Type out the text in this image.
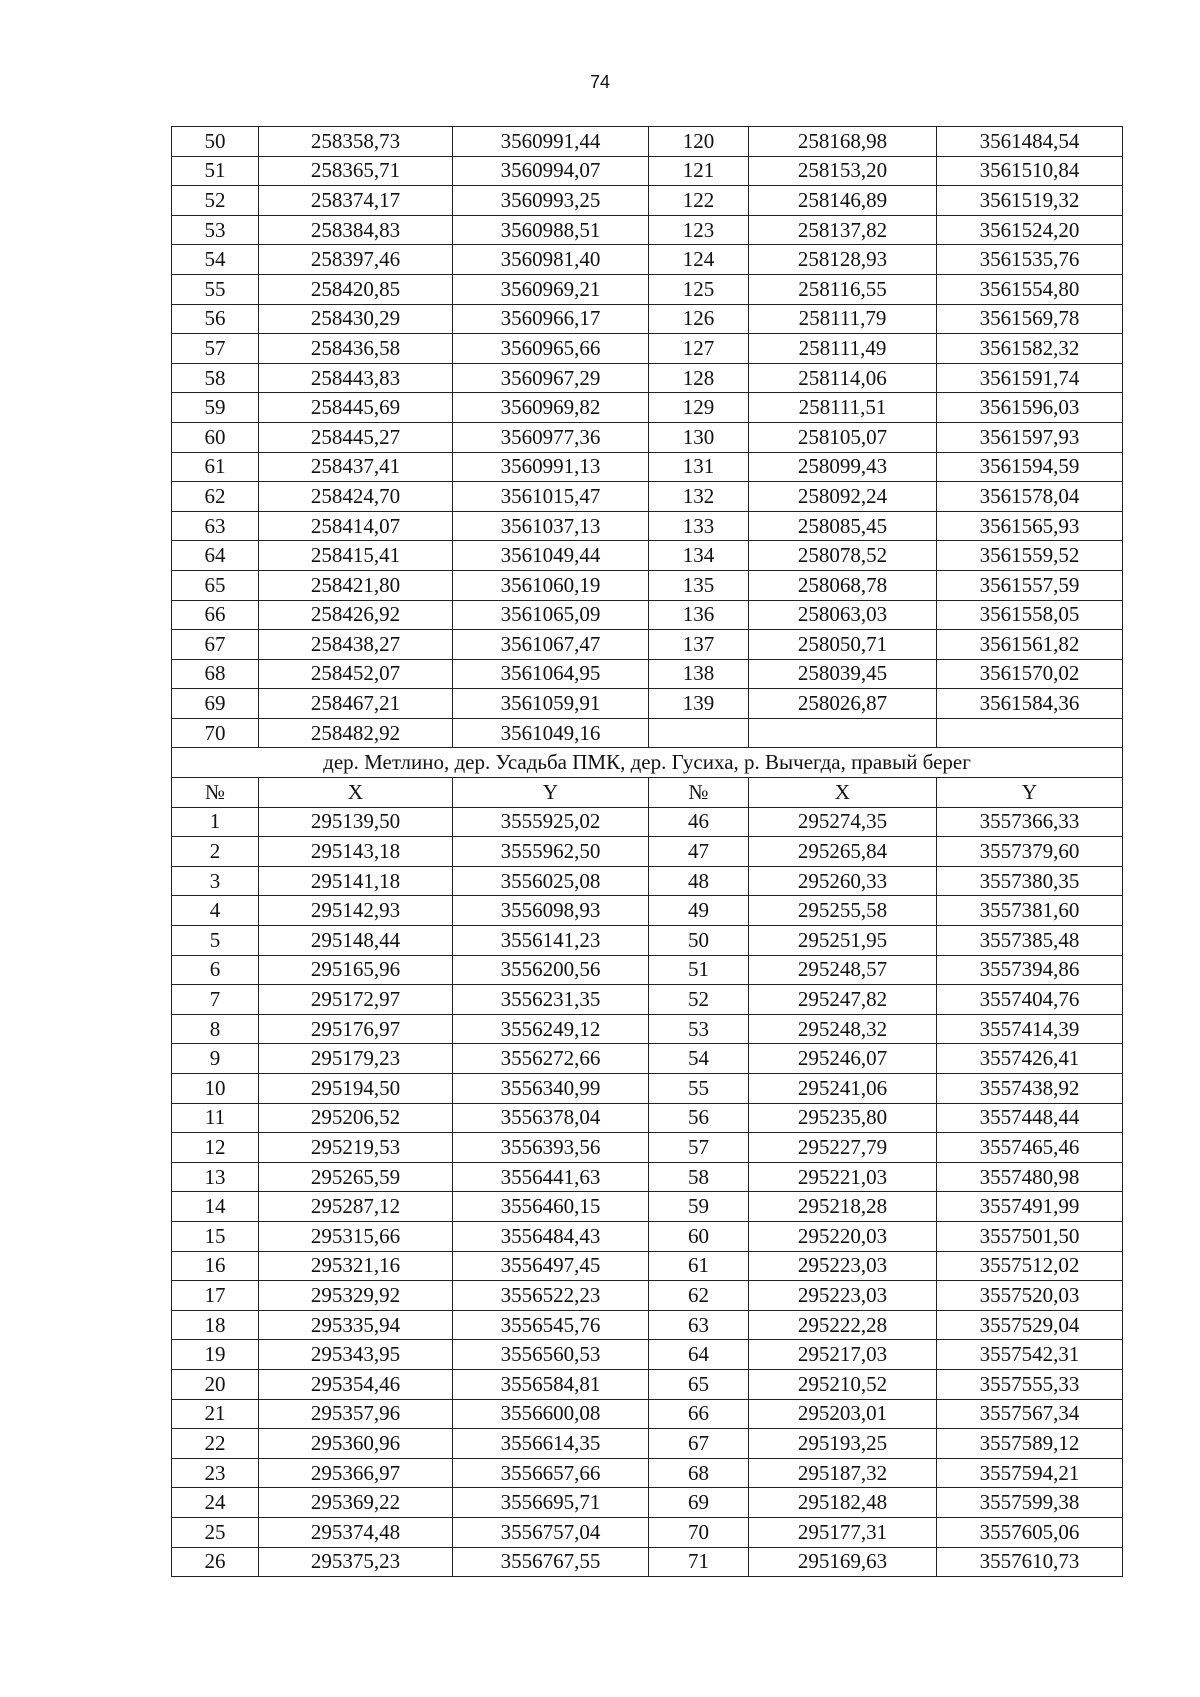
74
50	258358,73	3560991,44	120	258168,98	3561484,54
51	258365,71	3560994,07	121	258153,20	3561510,84
52	258374,17	3560993,25	122	258146,89	3561519,32
53	258384,83	3560988,51	123	258137,82	3561524,20
54	258397,46	3560981,40	124	258128,93	3561535,76
55	258420,85	3560969,21	125	258116,55	3561554,80
56	258430,29	3560966,17	126	258111,79	3561569,78
57	258436,58	3560965,66	127	258111,49	3561582,32
58	258443,83	3560967,29	128	258114,06	3561591,74
59	258445,69	3560969,82	129	258111,51	3561596,03
60	258445,27	3560977,36	130	258105,07	3561597,93
61	258437,41	3560991,13	131	258099,43	3561594,59
62	258424,70	3561015,47	132	258092,24	3561578,04
63	258414,07	3561037,13	133	258085,45	3561565,93
64	258415,41	3561049,44	134	258078,52	3561559,52
65	258421,80	3561060,19	135	258068,78	3561557,59
66	258426,92	3561065,09	136	258063,03	3561558,05
67	258438,27	3561067,47	137	258050,71	3561561,82
68	258452,07	3561064,95	138	258039,45	3561570,02
69	258467,21	3561059,91	139	258026,87	3561584,36
70	258482,92	3561049,16			
дер. Метлино, дер. Усадьба ПМК, дер. Гусиха, р. Вычегда, правый берег					
№	X	Y	№	X	Y
1	295139,50	3555925,02	46	295274,35	3557366,33
2	295143,18	3555962,50	47	295265,84	3557379,60
3	295141,18	3556025,08	48	295260,33	3557380,35
4	295142,93	3556098,93	49	295255,58	3557381,60
5	295148,44	3556141,23	50	295251,95	3557385,48
6	295165,96	3556200,56	51	295248,57	3557394,86
7	295172,97	3556231,35	52	295247,82	3557404,76
8	295176,97	3556249,12	53	295248,32	3557414,39
9	295179,23	3556272,66	54	295246,07	3557426,41
10	295194,50	3556340,99	55	295241,06	3557438,92
11	295206,52	3556378,04	56	295235,80	3557448,44
12	295219,53	3556393,56	57	295227,79	3557465,46
13	295265,59	3556441,63	58	295221,03	3557480,98
14	295287,12	3556460,15	59	295218,28	3557491,99
15	295315,66	3556484,43	60	295220,03	3557501,50
16	295321,16	3556497,45	61	295223,03	3557512,02
17	295329,92	3556522,23	62	295223,03	3557520,03
18	295335,94	3556545,76	63	295222,28	3557529,04
19	295343,95	3556560,53	64	295217,03	3557542,31
20	295354,46	3556584,81	65	295210,52	3557555,33
21	295357,96	3556600,08	66	295203,01	3557567,34
22	295360,96	3556614,35	67	295193,25	3557589,12
23	295366,97	3556657,66	68	295187,32	3557594,21
24	295369,22	3556695,71	69	295182,48	3557599,38
25	295374,48	3556757,04	70	295177,31	3557605,06
26	295375,23	3556767,55	71	295169,63	3557610,73
